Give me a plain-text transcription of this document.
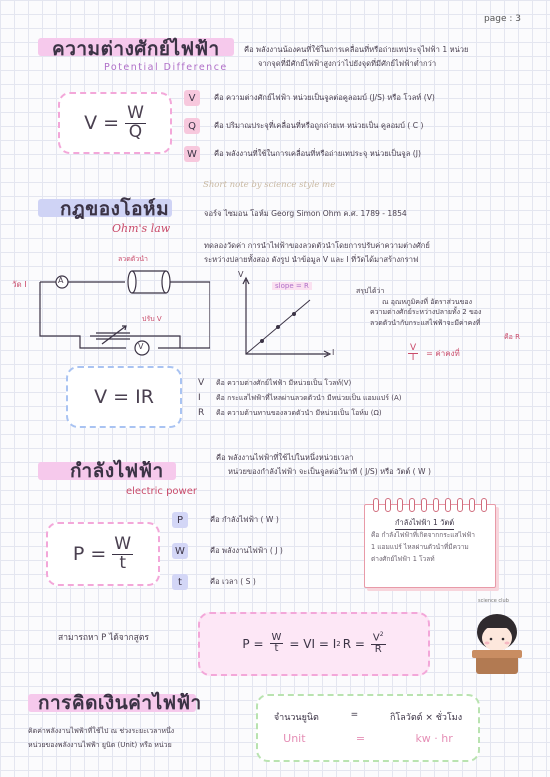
page : 3
ความต่างศักย์ไฟฟ้า
Potential Difference
คือ พลังงานน้องคนที่ใช้ในการเคลื่อนที่หรือถ่ายเทประจุไฟฟ้า 1 หน่วย
จากจุดที่มีศักย์ไฟฟ้าสูงกว่าไปยังจุดที่มีศักย์ไฟฟ้าต่ำกว่า
$V = \frac{W}{Q}$
V	คือ ความต่างศักย์ไฟฟ้า หน่วยเป็นจูลต่อคูลอมบ์ (J/S) หรือ โวลท์ (V)
Q	คือ ปริมาณประจุที่เคลื่อนที่หรือถูกถ่ายเท หน่วยเป็น คูลอมบ์ ( C )
W	คือ พลังงานที่ใช้ในการเคลื่อนที่หรือถ่ายเทประจุ หน่วยเป็นจูล (J)
Short note by science style me
กฎของโอห์ม
Ohm's law
จอร์จ ไซมอน โอห์ม Georg Simon Ohm ค.ศ. 1789 - 1854
ทดลองวัดค่า การนำไฟฟ้าของลวดตัวนำโดยการปรับค่าความต่างศักย์
ระหว่างปลายทั้งสอง ดังรูป นำข้อมูล V และ I ที่วัดได้มาสร้างกราฟ
A
V
ลวดตัวนำ
วัด I
ปรับ V
V
I
slope = R
สรุปได้ว่า
ณ อุณหภูมิคงที่ อัตราส่วนของ
ความต่างศักย์ระหว่างปลายทั้ง 2 ของ
ลวดตัวนำกับกระแสไฟฟ้าจะมีค่าคงที่
$\frac{V}{I}$ = ค่าคงที่
คือ R
V = IR
V	คือ ความต่างศักย์ไฟฟ้า มีหน่วยเป็น โวลท์(V)
I	คือ กระแสไฟฟ้าที่ไหลผ่านลวดตัวนำ มีหน่วยเป็น แอมแปร์ (A)
R	คือ ความต้านทานของลวดตัวนำ มีหน่วยเป็น โอห์ม (Ω)
กำลังไฟฟ้า
electric power
คือ พลังงานไฟฟ้าที่ใช้ไปในหนึ่งหน่วยเวลา
หน่วยของกำลังไฟฟ้า จะเป็นจูลต่อวินาที ( J/S) หรือ วัตต์ ( W )
$P = \frac{W}{t}$
P	คือ กำลังไฟฟ้า ( W )
W	คือ พลังงานไฟฟ้า ( J )
t	คือ เวลา ( S )
กำลังไฟฟ้า 1 วัตต์
คือ กำลังไฟฟ้าที่เกิดจากกระแสไฟฟ้า
1 แอมแปร์ ไหลผ่านตัวนำที่มีความ
ต่างศักย์ไฟฟ้า 1 โวลท์
science club
สามารถหา P ได้จากสูตร	$P = \frac{W}{t}$ = VI = I 2 $R = \frac{V^2}{R}$
การคิดเงินค่าไฟฟ้า
คิดค่าพลังงานไฟฟ้าที่ใช้ไป ณ ช่วงระยะเวลาหนึ่ง
หน่วยของพลังงานไฟฟ้า ยูนิต (Unit) หรือ หน่วย
จำนวนยูนิต	=	กิโลวัตต์ × ชั่วโมง
Unit	=	kw · hr
